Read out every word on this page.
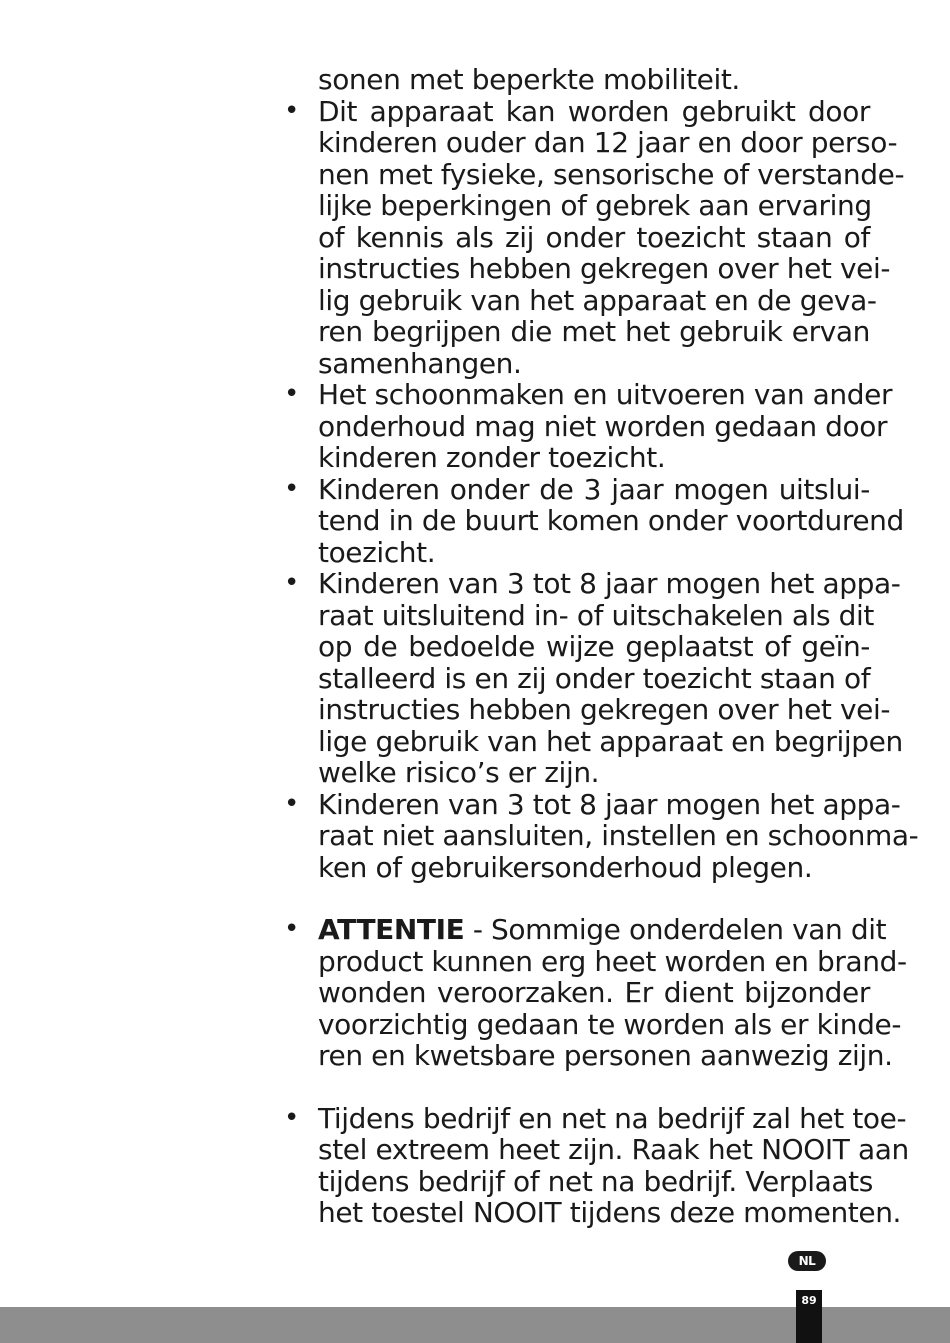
sonen met beperkte mobiliteit.

• Dit apparaat kan worden gebruikt door
kinderen ouder dan 12 jaar en door perso-
nen met fysieke, sensorische of verstande-
lijke beperkingen of gebrek aan ervaring
of kennis als zij onder toezicht staan of
instructies hebben gekregen over het vei-
lig gebruik van het apparaat en de geva-
ren begrijpen die met het gebruik ervan
samenhangen.
• Het schoonmaken en uitvoeren van ander
onderhoud mag niet worden gedaan door
kinderen zonder toezicht.
• Kinderen onder de 3 jaar mogen uitslui-
tend in de buurt komen onder voortdurend
toezicht.
• Kinderen van 3 tot 8 jaar mogen het appa-
raat uitsluitend in- of uitschakelen als dit
op de bedoelde wijze geplaatst of geïn-
stalleerd is en zij onder toezicht staan of
instructies hebben gekregen over het vei-
lige gebruik van het apparaat en begrijpen
welke risico’s er zijn.
• Kinderen van 3 tot 8 jaar mogen het appa-
raat niet aansluiten, instellen en schoonma-
ken of gebruikersonderhoud plegen.
• ATTENTIE - Sommige onderdelen van dit
product kunnen erg heet worden en brand-
wonden veroorzaken. Er dient bijzonder
voorzichtig gedaan te worden als er kinde-
ren en kwetsbare personen aanwezig zijn.
• Tijdens bedrijf en net na bedrijf zal het toe-
stel extreem heet zijn. Raak het NOOIT aan
tijdens bedrijf of net na bedrijf. Verplaats
het toestel NOOIT tijdens deze momenten.
NL
89
